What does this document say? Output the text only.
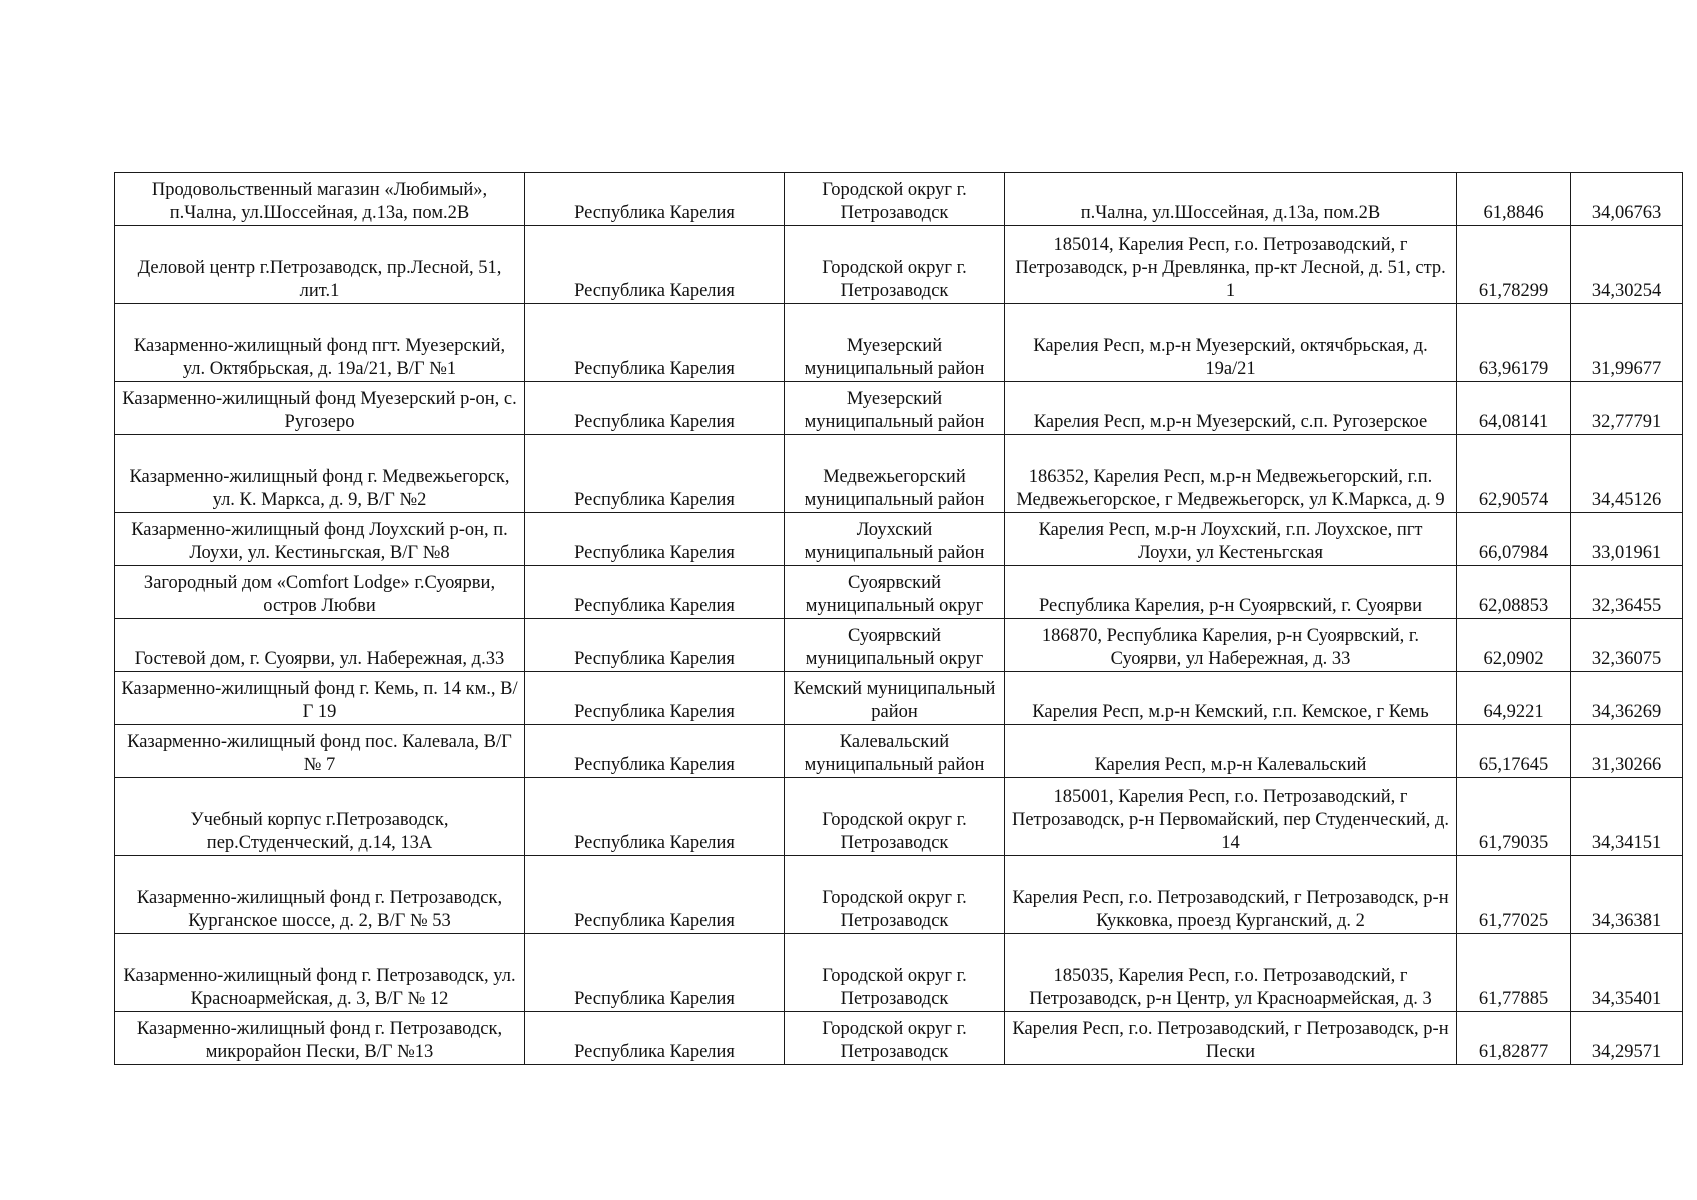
Продовольственный магазин «Любимый», п.Чална, ул.Шоссейная, д.13а, пом.2В	Республика Карелия	Городской округ г. Петрозаводск	п.Чална, ул.Шоссейная, д.13а, пом.2В	61,8846	34,06763
Деловой центр г.Петрозаводск, пр.Лесной, 51, лит.1	Республика Карелия	Городской округ г. Петрозаводск	185014, Карелия Респ, г.о. Петрозаводский, г Петрозаводск, р-н Древлянка, пр-кт Лесной, д. 51, стр. 1	61,78299	34,30254
Казарменно-жилищный фонд пгт. Муезерский, ул. Октябрьская, д. 19а/21, В/Г №1	Республика Карелия	Муезерский муниципальный район	Карелия Респ, м.р-н Муезерский, октячбрьская, д. 19а/21	63,96179	31,99677
Казарменно-жилищный фонд Муезерский р-он, с. Ругозеро	Республика Карелия	Муезерский муниципальный район	Карелия Респ, м.р-н Муезерский, с.п. Ругозерское	64,08141	32,77791
Казарменно-жилищный фонд г. Медвежьегорск, ул. К. Маркса, д. 9, В/Г №2	Республика Карелия	Медвежьегорский муниципальный район	186352, Карелия Респ, м.р-н Медвежьегорский, г.п. Медвежьегорское, г Медвежьегорск, ул К.Маркса, д. 9	62,90574	34,45126
Казарменно-жилищный фонд Лоухский р-он, п. Лоухи, ул. Кестиньгская, В/Г №8	Республика Карелия	Лоухский муниципальный район	Карелия Респ, м.р-н Лоухский, г.п. Лоухское, пгт Лоухи, ул Кестеньгская	66,07984	33,01961
Загородный дом «Comfort Lodge» г.Суоярви, остров Любви	Республика Карелия	Суоярвский муниципальный округ	Республика Карелия, р-н Суоярвский, г. Суоярви	62,08853	32,36455
Гостевой дом, г. Суоярви, ул. Набережная, д.33	Республика Карелия	Суоярвский муниципальный округ	186870, Республика Карелия, р-н Суоярвский, г. Суоярви, ул Набережная, д. 33	62,0902	32,36075
Казарменно-жилищный фонд г. Кемь, п. 14 км., В/Г 19	Республика Карелия	Кемский муниципальный район	Карелия Респ, м.р-н Кемский, г.п. Кемское, г Кемь	64,9221	34,36269
Казарменно-жилищный фонд пос. Калевала, В/Г № 7	Республика Карелия	Калевальский муниципальный район	Карелия Респ, м.р-н Калевальский	65,17645	31,30266
Учебный корпус г.Петрозаводск, пер.Студенческий, д.14, 13А	Республика Карелия	Городской округ г. Петрозаводск	185001, Карелия Респ, г.о. Петрозаводский, г Петрозаводск, р-н Первомайский, пер Студенческий, д. 14	61,79035	34,34151
Казарменно-жилищный фонд г. Петрозаводск, Курганское шоссе, д. 2, В/Г № 53	Республика Карелия	Городской округ г. Петрозаводск	Карелия Респ, г.о. Петрозаводский, г Петрозаводск, р-н Кукковка, проезд Курганский, д. 2	61,77025	34,36381
Казарменно-жилищный фонд г. Петрозаводск, ул. Красноармейская, д. 3, В/Г № 12	Республика Карелия	Городской округ г. Петрозаводск	185035, Карелия Респ, г.о. Петрозаводский, г Петрозаводск, р-н Центр, ул Красноармейская, д. 3	61,77885	34,35401
Казарменно-жилищный фонд г. Петрозаводск, микрорайон Пески, В/Г №13	Республика Карелия	Городской округ г. Петрозаводск	Карелия Респ, г.о. Петрозаводский, г Петрозаводск, р-н Пески	61,82877	34,29571
